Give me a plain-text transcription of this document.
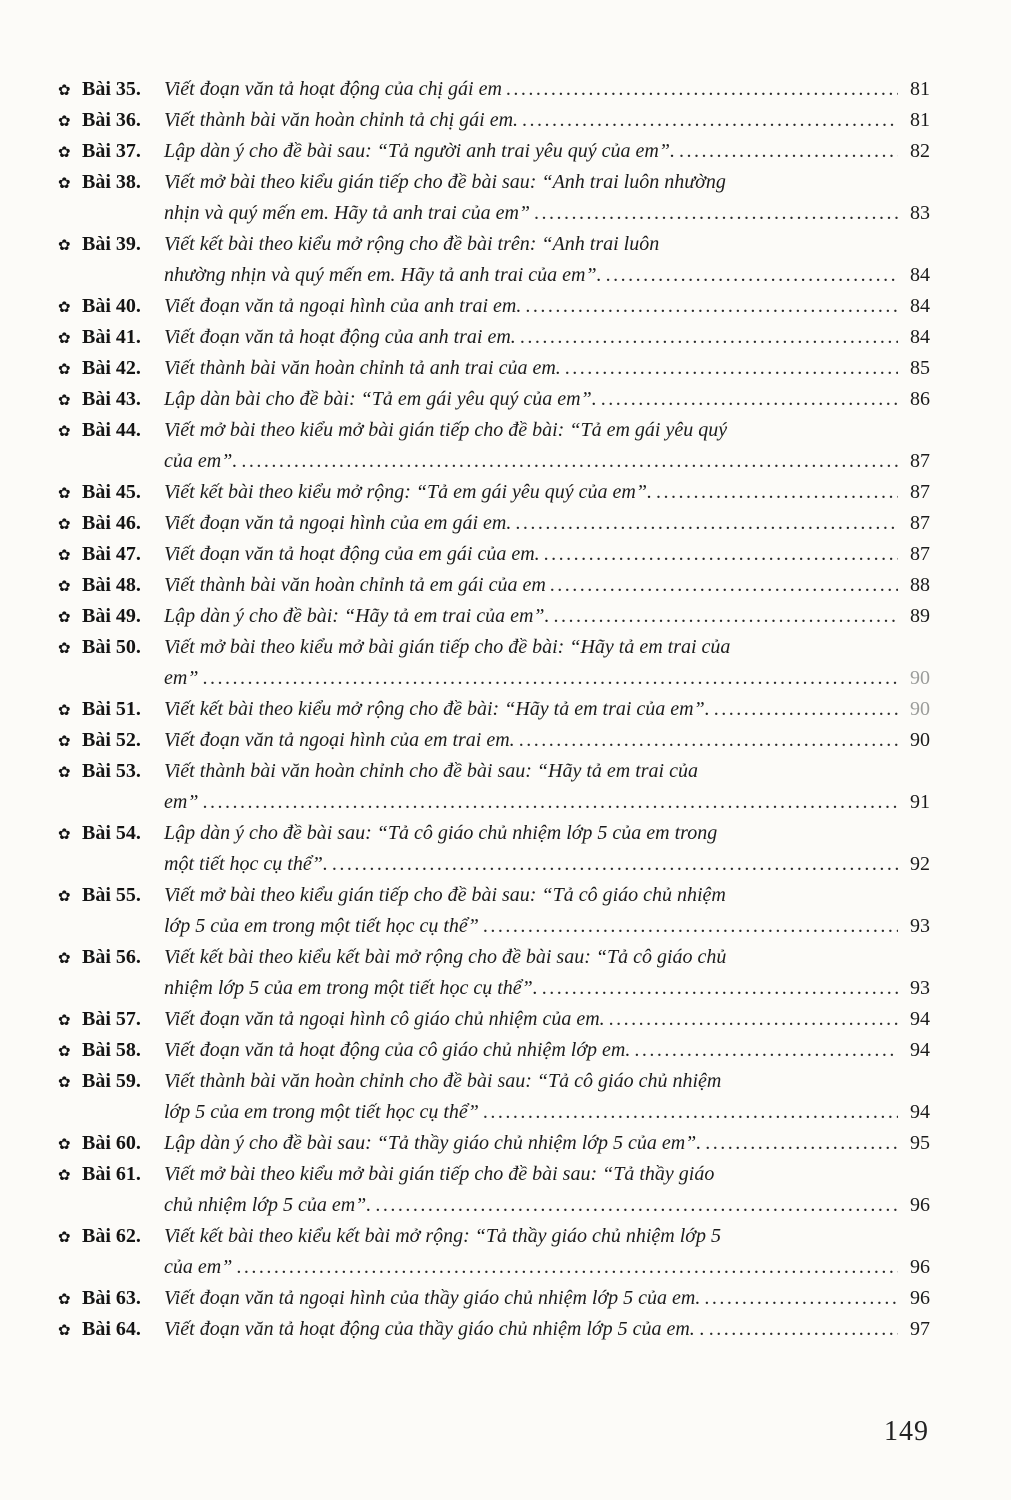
✿ Bài 35.	Viết đoạn văn tả hoạt động của chị gái em .....	81
✿ Bài 36.	Viết thành bài văn hoàn chỉnh tả chị gái em. .....	81
✿ Bài 37.	Lập dàn ý cho đề bài sau: “Tả người anh trai yêu quý của em”. .....	82
✿ Bài 38.	Viết mở bài theo kiểu gián tiếp cho đề bài sau: “Anh trai luôn nhường
nhịn và quý mến em. Hãy tả anh trai của em” .....	83
✿ Bài 39.	Viết kết bài theo kiểu mở rộng cho đề bài trên: “Anh trai luôn
nhường nhịn và quý mến em. Hãy tả anh trai của em”. .....	84
✿ Bài 40.	Viết đoạn văn tả ngoại hình của anh trai em. .....	84
✿ Bài 41.	Viết đoạn văn tả hoạt động của anh trai em. .....	84
✿ Bài 42.	Viết thành bài văn hoàn chỉnh tả anh trai của em. .....	85
✿ Bài 43.	Lập dàn bài cho đề bài: “Tả em gái yêu quý của em”. .....	86
✿ Bài 44.	Viết mở bài theo kiểu mở bài gián tiếp cho đề bài: “Tả em gái yêu quý
của em”. .....	87
✿ Bài 45.	Viết kết bài theo kiểu mở rộng: “Tả em gái yêu quý của em”. .....	87
✿ Bài 46.	Viết đoạn văn tả ngoại hình của em gái em. .....	87
✿ Bài 47.	Viết đoạn văn tả hoạt động của em gái của em. .....	87
✿ Bài 48.	Viết thành bài văn hoàn chỉnh tả em gái của em .....	88
✿ Bài 49.	Lập dàn ý cho đề bài: “Hãy tả em trai của em”. .....	89
✿ Bài 50.	Viết mở bài theo kiểu mở bài gián tiếp cho đề bài: “Hãy tả em trai của
em” .....	90
✿ Bài 51.	Viết kết bài theo kiểu mở rộng cho đề bài: “Hãy tả em trai của em”. .....	90
✿ Bài 52.	Viết đoạn văn tả ngoại hình của em trai em. .....	90
✿ Bài 53.	Viết thành bài văn hoàn chỉnh cho đề bài sau: “Hãy tả em trai của
em” .....	91
✿ Bài 54.	Lập dàn ý cho đề bài sau: “Tả cô giáo chủ nhiệm lớp 5 của em trong
một tiết học cụ thể”. .....	92
✿ Bài 55.	Viết mở bài theo kiểu gián tiếp cho đề bài sau: “Tả cô giáo chủ nhiệm
lớp 5 của em trong một tiết học cụ thể” .....	93
✿ Bài 56.	Viết kết bài theo kiểu kết bài mở rộng cho đề bài sau: “Tả cô giáo chủ
nhiệm lớp 5 của em trong một tiết học cụ thể”. .....	93
✿ Bài 57.	Viết đoạn văn tả ngoại hình cô giáo chủ nhiệm của em. .....	94
✿ Bài 58.	Viết đoạn văn tả hoạt động của cô giáo chủ nhiệm lớp em. .....	94
✿ Bài 59.	Viết thành bài văn hoàn chỉnh cho đề bài sau: “Tả cô giáo chủ nhiệm
lớp 5 của em trong một tiết học cụ thể” .....	94
✿ Bài 60.	Lập dàn ý cho đề bài sau: “Tả thầy giáo chủ nhiệm lớp 5 của em”. .....	95
✿ Bài 61.	Viết mở bài theo kiểu mở bài gián tiếp cho đề bài sau: “Tả thầy giáo
chủ nhiệm lớp 5 của em”. .....	96
✿ Bài 62.	Viết kết bài theo kiểu kết bài mở rộng: “Tả thầy giáo chủ nhiệm lớp 5
của em” .....	96
✿ Bài 63.	Viết đoạn văn tả ngoại hình của thầy giáo chủ nhiệm lớp 5 của em. .....	96
✿ Bài 64.	Viết đoạn văn tả hoạt động của thầy giáo chủ nhiệm lớp 5 của em. . .....	97
149
